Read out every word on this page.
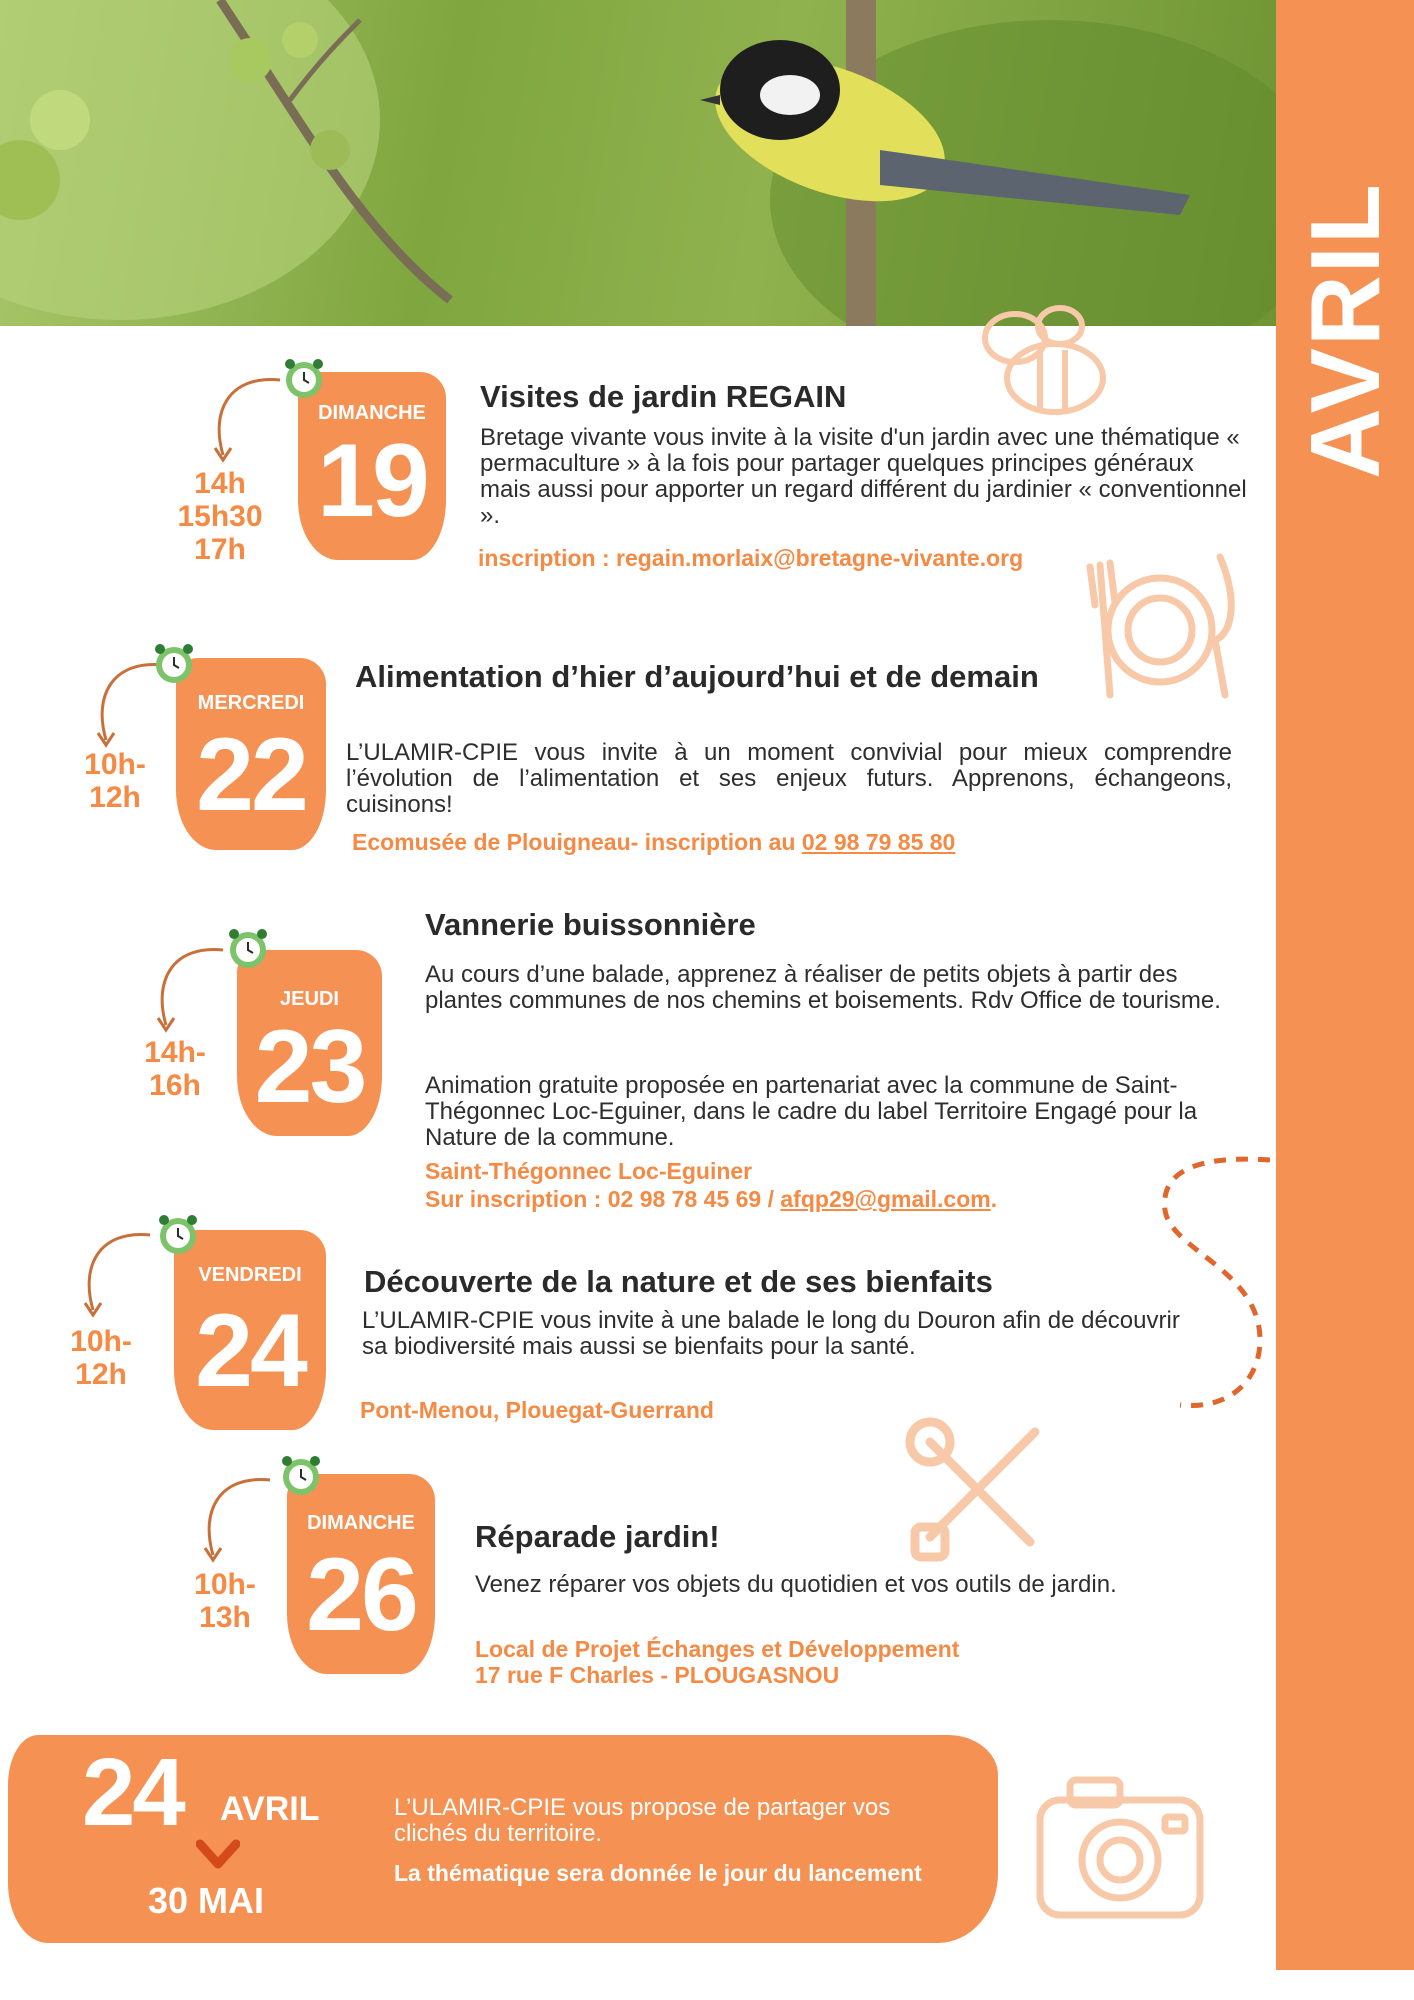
AVRIL
DIMANCHE
19
14h
15h30
17h
Visites de jardin REGAIN
Bretage vivante vous invite à la visite d'un jardin avec une thématique « permaculture » à la fois pour partager quelques principes généraux mais aussi pour apporter un regard différent du jardinier « conventionnel ».
inscription : regain.morlaix@bretagne-vivante.org
MERCREDI
22
10h-
12h
Alimentation d’hier d’aujourd’hui et de demain
L’ULAMIR-CPIE vous invite à un moment convivial pour mieux comprendre l’évolution de l’alimentation et ses enjeux futurs. Apprenons, échangeons, cuisinons!
Ecomusée de Plouigneau- inscription au 02 98 79 85 80
JEUDI
23
14h-
16h
Vannerie buissonnière
Au cours d’une balade, apprenez à réaliser de petits objets à partir des plantes communes de nos chemins et boisements. Rdv Office de tourisme.
Animation gratuite proposée en partenariat avec la commune de Saint-Thégonnec Loc-Eguiner, dans le cadre du label Territoire Engagé pour la Nature de la commune.
Saint-Thégonnec Loc-Eguiner
Sur inscription : 02 98 78 45 69 / afqp29@gmail.com.
VENDREDI
24
10h-
12h
Découverte de la nature et de ses bienfaits
L’ULAMIR-CPIE vous invite à une balade le long du Douron afin de découvrir sa biodiversité mais aussi se bienfaits pour la santé.
Pont-Menou, Plouegat-Guerrand
DIMANCHE
26
10h-
13h
Réparade jardin!
Venez réparer vos objets du quotidien et vos outils de jardin.
Local de Projet Échanges et Développement
17 rue F Charles - PLOUGASNOU
24 AVRIL
30 MAI
L’ULAMIR-CPIE vous propose de partager vos clichés du territoire.
La thématique sera donnée le jour du lancement
